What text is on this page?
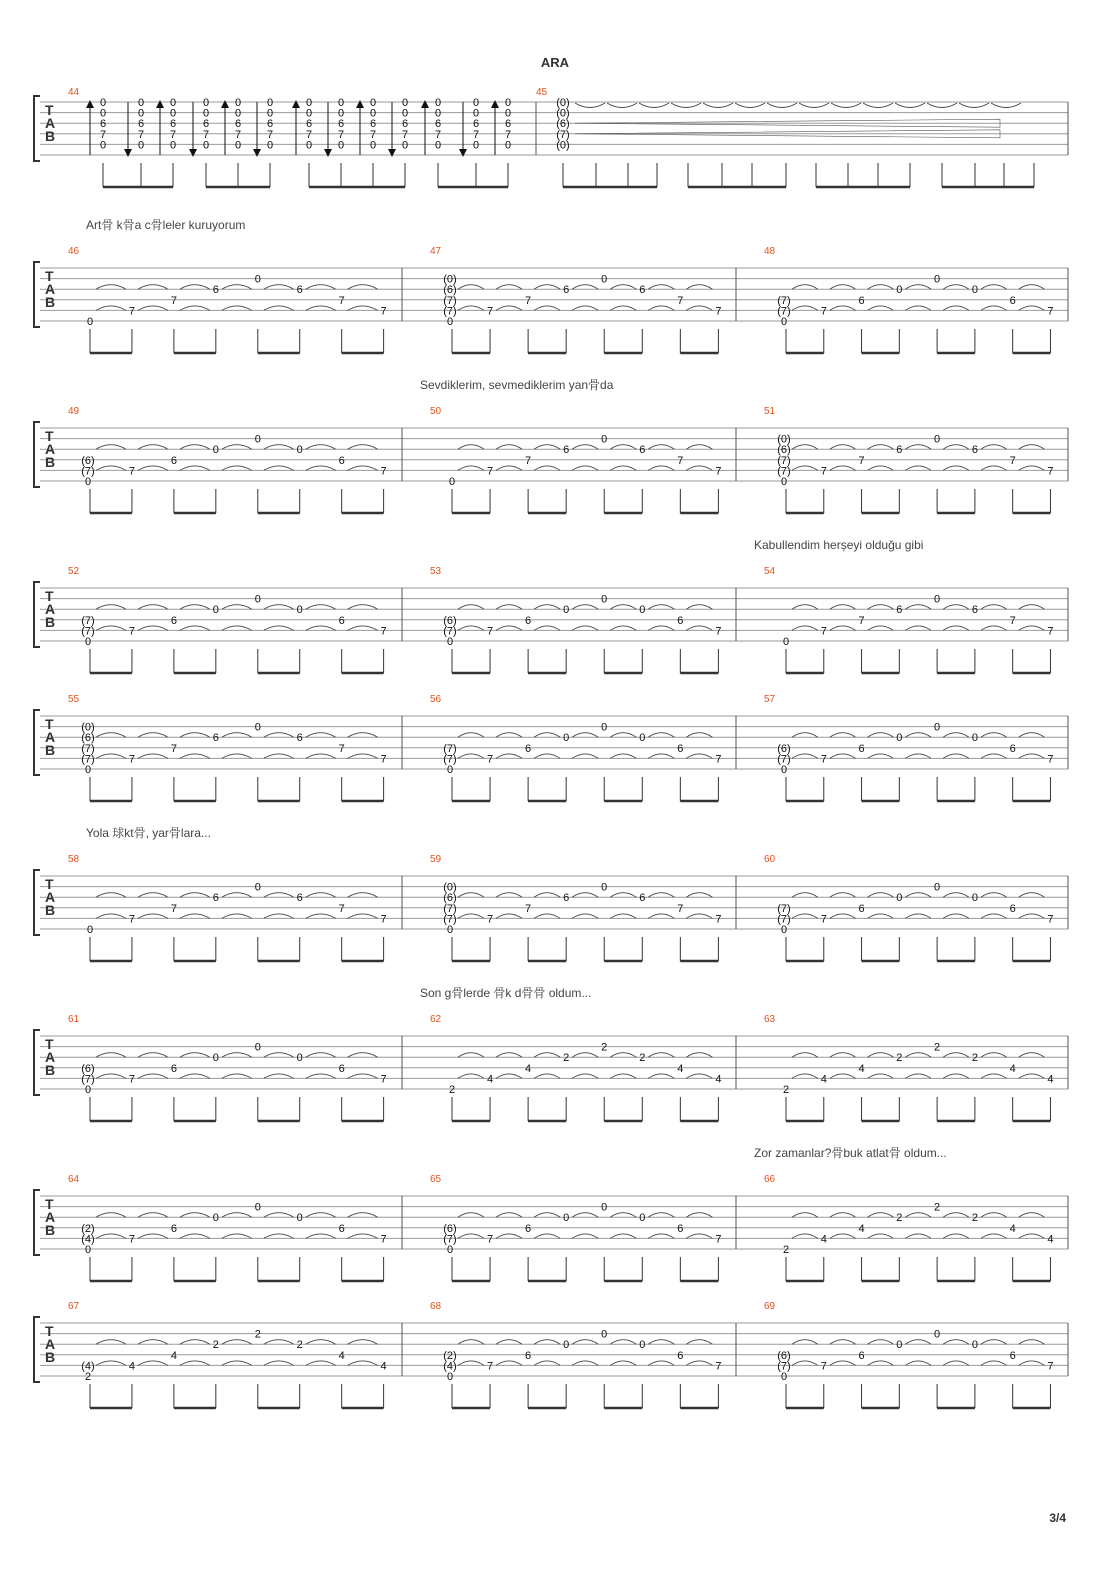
ARA
3/4
T
A
B
44	45
0
0
6
7
0
0
0
6
7
0
0
0
6
7
0
0
0
6
7
0
0
0
6
7
0
0
0
6
7
0
0
0
6
7
0
0
0
6
7
0
0
0
6
7
0
0
0
6
7
0
0
0
6
7
0
0
0
6
7
0
0
0
6
7
0
(0)
(0)
(6)
(7)
(0)
T
A
B
Art骨 k骨a c骨leler kuruyorum
46
0
7
7
6
0
6
7
7
47
(0)
(6)
(7)
(7)
0
7
7
6
0
6
7
7
48
(7)
(7)
0
7
6
0
0
0
6
7
T
A
B
Sevdiklerim, sevmediklerim yan骨da
49
(6)
(7)
0
7
6
0
0
0
6
7
50
0
7
7
6
0
6
7
7
51
(0)
(6)
(7)
(7)
0
7
7
6
0
6
7
7
T
A
B
Kabullendim herșeyi olduğu gibi
52
(7)
(7)
0
7
6
0
0
0
6
7
53
(6)
(7)
0
7
6
0
0
0
6
7
54
0
7
7
6
0
6
7
7
T
A
B
55
(0)
(6)
(7)
(7)
0
7
7
6
0
6
7
7
56
(7)
(7)
0
7
6
0
0
0
6
7
57
(6)
(7)
0
7
6
0
0
0
6
7
T
A
B
Yola 球kt骨, yar骨lara...
58
0
7
7
6
0
6
7
7
59
(0)
(6)
(7)
(7)
0
7
7
6
0
6
7
7
60
(7)
(7)
0
7
6
0
0
0
6
7
T
A
B
Son g骨lerde 骨k d骨骨 oldum...
61
(6)
(7)
0
7
6
0
0
0
6
7
62
2
4
4
2
2
2
4
4
63
2
4
4
2
2
2
4
4
T
A
B
Zor zamanlar?骨buk atlat骨 oldum...
64
(2)
(4)
0
7
6
0
0
0
6
7
65
(6)
(7)
0
7
6
0
0
0
6
7
66
2
4
4
2
2
2
4
4
T
A
B
67
(4)
2
4
4
2
2
2
4
4
68
(2)
(4)
0
7
6
0
0
0
6
7
69
(6)
(7)
0
7
6
0
0
0
6
7
